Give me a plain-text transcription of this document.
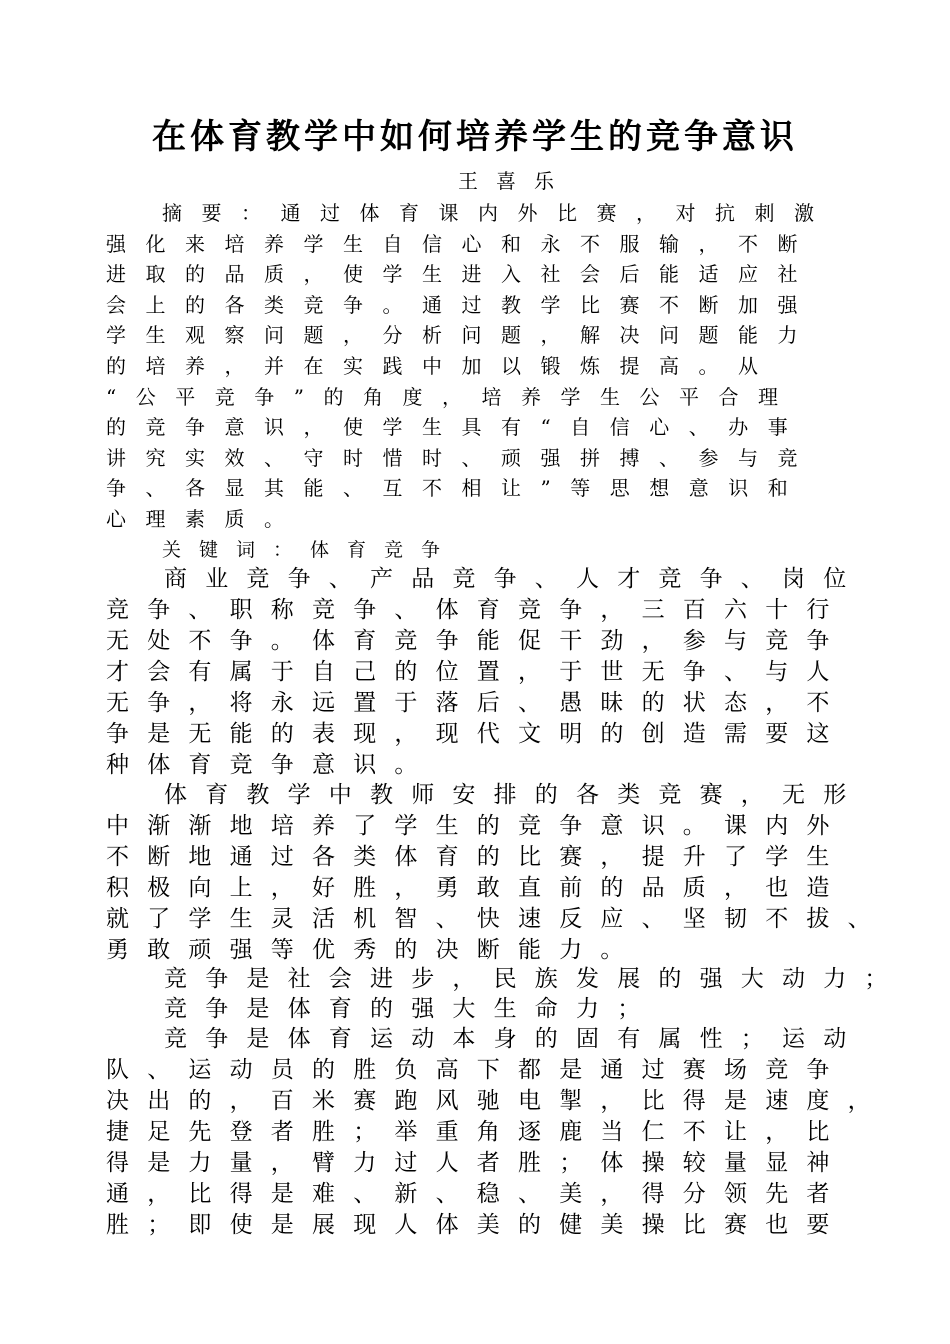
在体育教学中如何培养学生的竞争意识
王喜乐
摘要：通过体育课内外比赛，对抗刺激
强化来培养学生自信心和永不服输，不断
进取的品质，使学生进入社会后能适应社
会上的各类竞争。通过教学比赛不断加强
学生观察问题，分析问题，解决问题能力
的培养，并在实践中加以锻炼提高。从
“公平竞争”的角度，培养学生公平合理
的竞争意识，使学生具有“自信心、办事
讲究实效、守时惜时、顽强拼搏、参与竞
争、各显其能、互不相让”等思想意识和
心理素质。
关键词：体育竞争
商业竞争、产品竞争、人才竞争、岗位
竞争、职称竞争、体育竞争，三百六十行
无处不争。体育竞争能促干劲，参与竞争
才会有属于自己的位置，于世无争、与人
无争，将永远置于落后、愚昧的状态，不
争是无能的表现，现代文明的创造需要这
种体育竞争意识。
体育教学中教师安排的各类竞赛，无形
中渐渐地培养了学生的竞争意识。课内外
不断地通过各类体育的比赛，提升了学生
积极向上，好胜，勇敢直前的品质，也造
就了学生灵活机智、快速反应、坚韧不拔、
勇敢顽强等优秀的决断能力。
竞争是社会进步，民族发展的强大动力；
竞争是体育的强大生命力；
竞争是体育运动本身的固有属性；运动
队、运动员的胜负高下都是通过赛场竞争
决出的，百米赛跑风驰电掣，比得是速度，
捷足先登者胜；举重角逐鹿当仁不让，比
得是力量，臂力过人者胜；体操较量显神
通，比得是难、新、稳、美，得分领先者
胜；即使是展现人体美的健美操比赛也要
